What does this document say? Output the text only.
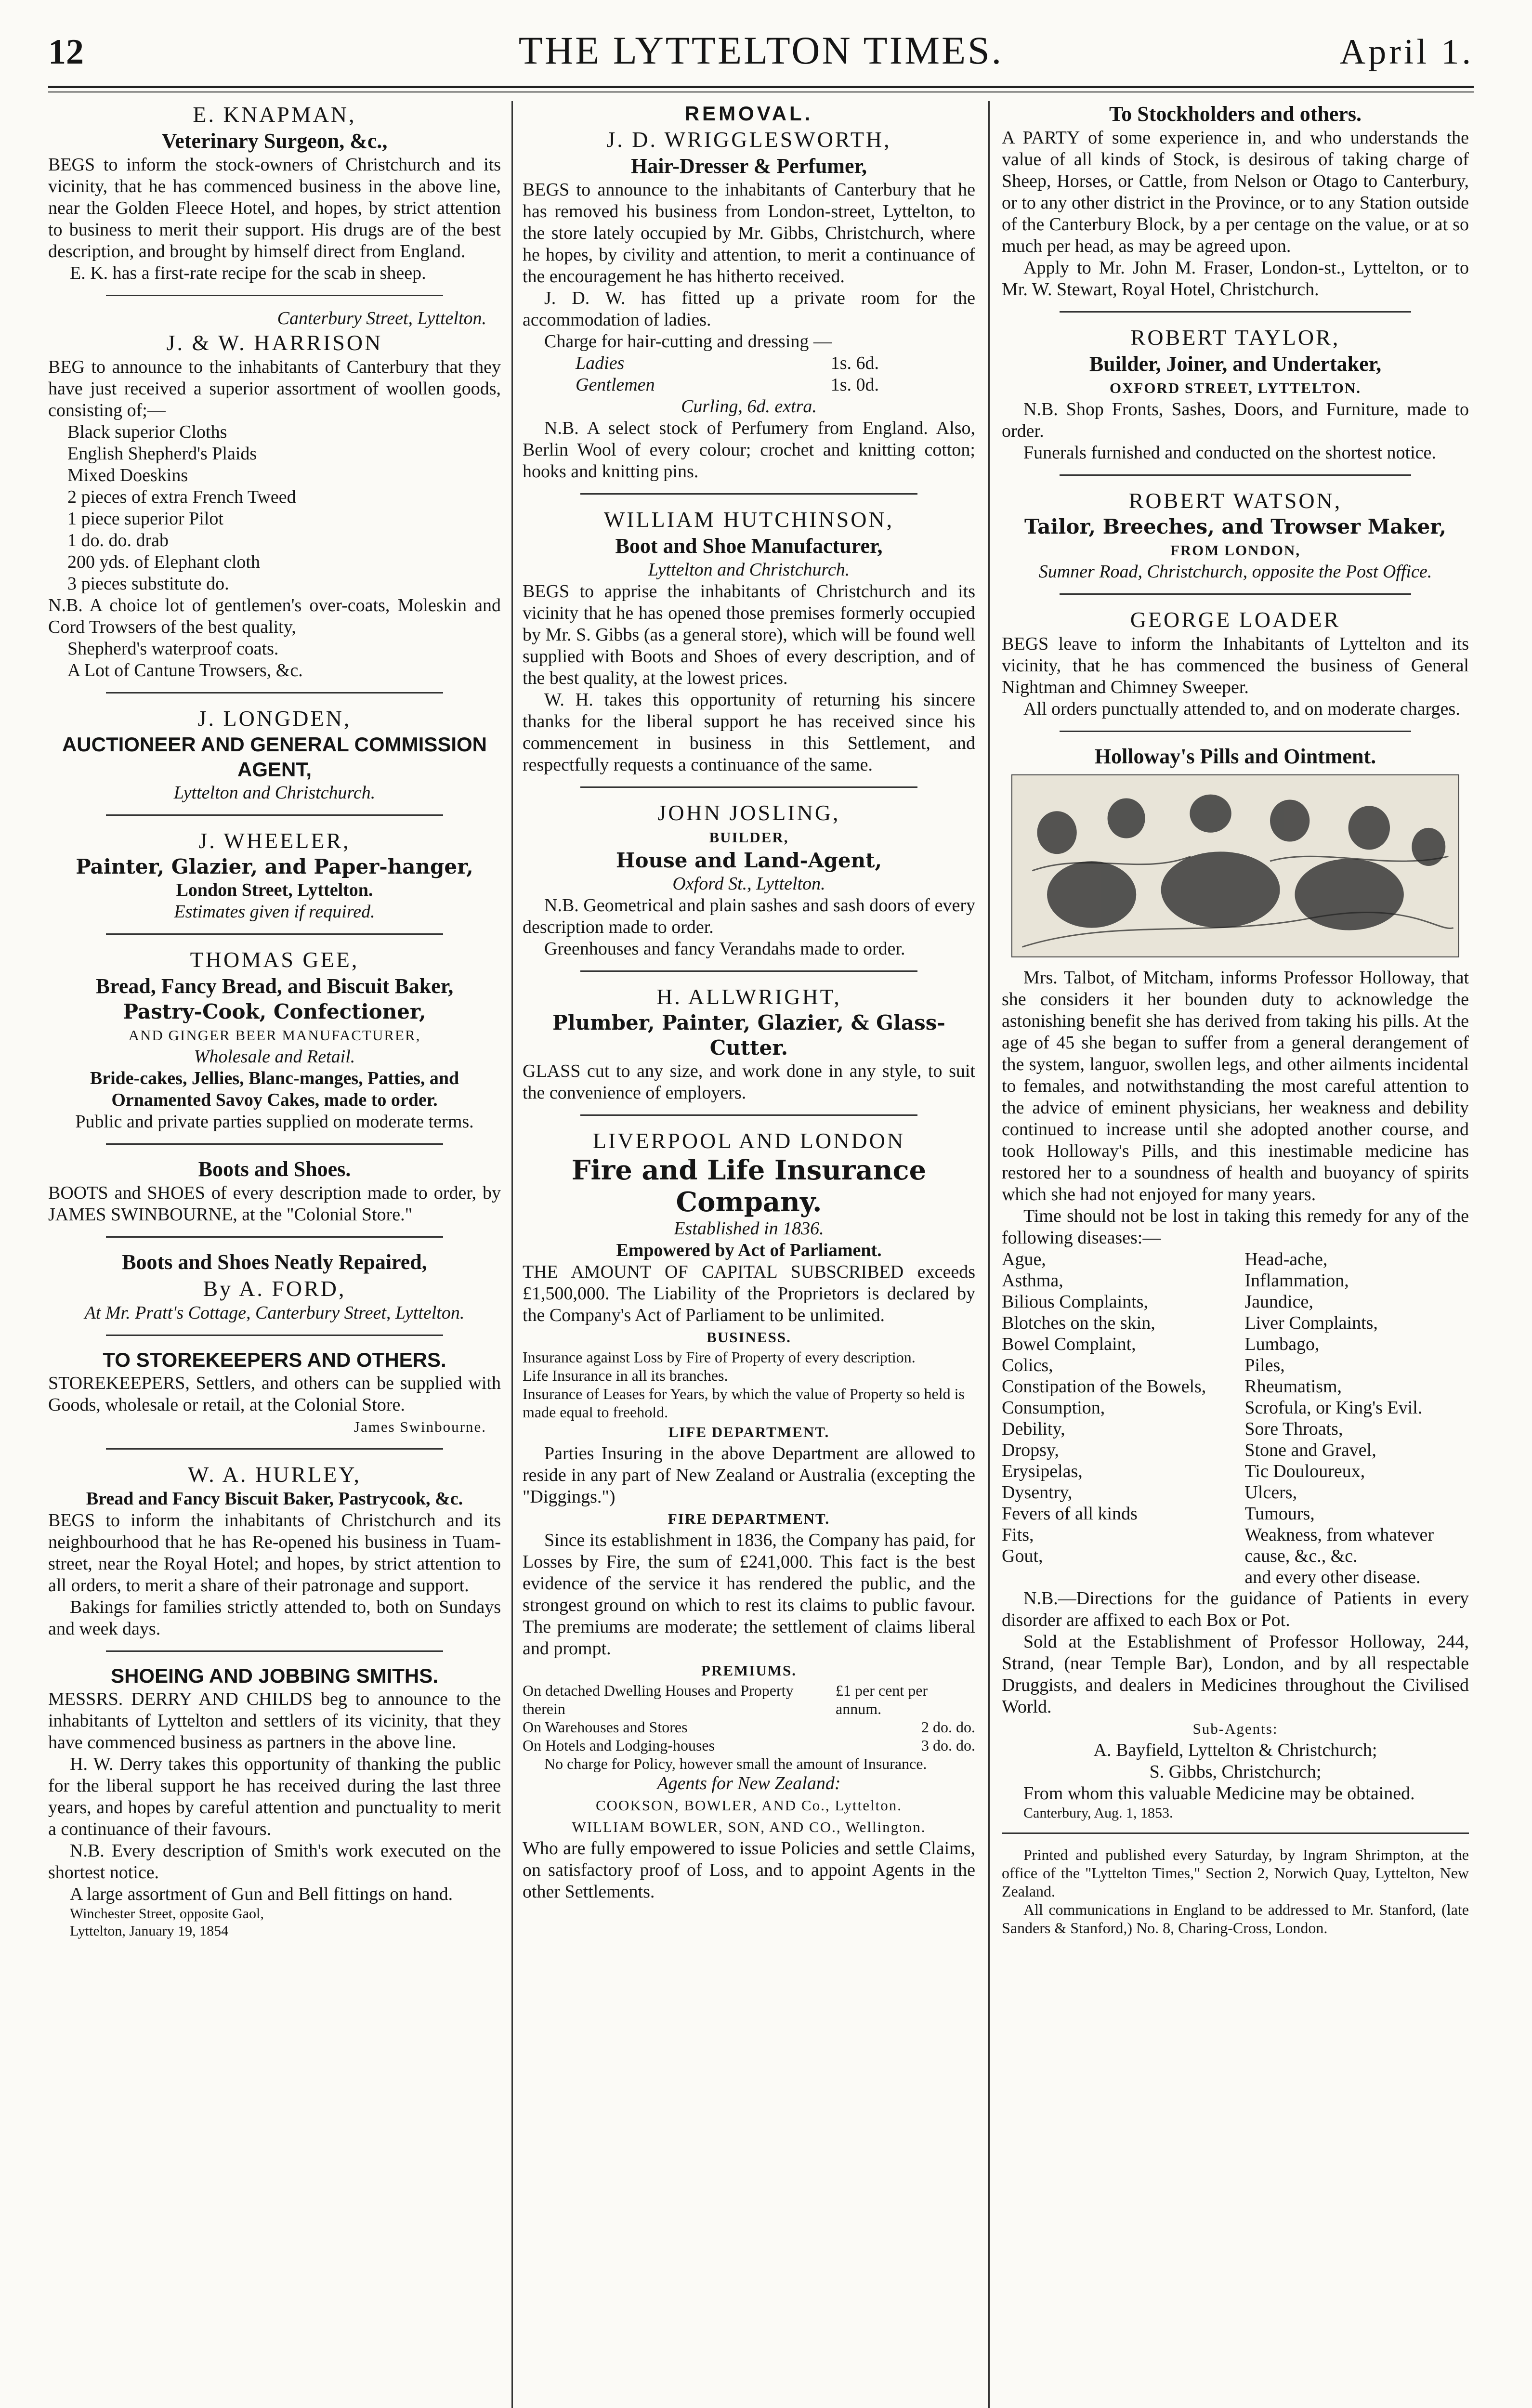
12	THE LYTTELTON TIMES.	April 1.
E. KNAPMAN,
Veterinary Surgeon, &c.,
BEGS to inform the stock-owners of Christchurch and its vicinity, that he has commenced business in the above line, near the Golden Fleece Hotel, and hopes, by strict attention to business to merit their support. His drugs are of the best description, and brought by himself direct from England.
E. K. has a first-rate recipe for the scab in sheep.
Canterbury Street, Lyttelton.
J. & W. HARRISON
BEG to announce to the inhabitants of Canterbury that they have just received a superior assortment of woollen goods, consisting of;—
Black superior Cloths
English Shepherd's Plaids
Mixed Doeskins
2 pieces of extra French Tweed
1 piece superior Pilot
1 do. do. drab
200 yds. of Elephant cloth
3 pieces substitute do.
N.B. A choice lot of gentlemen's over-coats, Moleskin and Cord Trowsers of the best quality,
Shepherd's waterproof coats.
A Lot of Cantune Trowsers, &c.
J. LONGDEN,
AUCTIONEER AND GENERAL COMMISSION AGENT,
Lyttelton and Christchurch.
J. WHEELER,
Painter, Glazier, and Paper-hanger,
London Street, Lyttelton.
Estimates given if required.
THOMAS GEE,
Bread, Fancy Bread, and Biscuit Baker,
Pastry-Cook, Confectioner,
AND GINGER BEER MANUFACTURER,
Wholesale and Retail.
Bride-cakes, Jellies, Blanc-manges, Patties, and Ornamented Savoy Cakes, made to order.
Public and private parties supplied on moderate terms.
Boots and Shoes.
BOOTS and SHOES of every description made to order, by JAMES SWINBOURNE, at the "Colonial Store."
Boots and Shoes Neatly Repaired,
By A. FORD,
At Mr. Pratt's Cottage, Canterbury Street, Lyttelton.
TO STOREKEEPERS AND OTHERS.
STOREKEEPERS, Settlers, and others can be supplied with Goods, wholesale or retail, at the Colonial Store.
James Swinbourne.
W. A. HURLEY,
Bread and Fancy Biscuit Baker, Pastrycook, &c.
BEGS to inform the inhabitants of Christchurch and its neighbourhood that he has Re-opened his business in Tuam-street, near the Royal Hotel; and hopes, by strict attention to all orders, to merit a share of their patronage and support.
Bakings for families strictly attended to, both on Sundays and week days.
SHOEING AND JOBBING SMITHS.
MESSRS. DERRY AND CHILDS beg to announce to the inhabitants of Lyttelton and settlers of its vicinity, that they have commenced business as partners in the above line.
H. W. Derry takes this opportunity of thanking the public for the liberal support he has received during the last three years, and hopes by careful attention and punctuality to merit a continuance of their favours.
N.B. Every description of Smith's work executed on the shortest notice.
A large assortment of Gun and Bell fittings on hand.
Winchester Street, opposite Gaol,
Lyttelton, January 19, 1854
REMOVAL.
J. D. WRIGGLESWORTH,
Hair-Dresser & Perfumer,
BEGS to announce to the inhabitants of Canterbury that he has removed his business from London-street, Lyttelton, to the store lately occupied by Mr. Gibbs, Christchurch, where he hopes, by civility and attention, to merit a continuance of the encouragement he has hitherto received.
J. D. W. has fitted up a private room for the accommodation of ladies.
Charge for hair-cutting and dressing —
Ladies	1s. 6d.
Gentlemen	1s. 0d.
Curling, 6d. extra.
N.B. A select stock of Perfumery from England. Also, Berlin Wool of every colour; crochet and knitting cotton; hooks and knitting pins.
WILLIAM HUTCHINSON,
Boot and Shoe Manufacturer,
Lyttelton and Christchurch.
BEGS to apprise the inhabitants of Christchurch and its vicinity that he has opened those premises formerly occupied by Mr. S. Gibbs (as a general store), which will be found well supplied with Boots and Shoes of every description, and of the best quality, at the lowest prices.
W. H. takes this opportunity of returning his sincere thanks for the liberal support he has received since his commencement in business in this Settlement, and respectfully requests a continuance of the same.
JOHN JOSLING,
BUILDER,
House and Land-Agent,
Oxford St., Lyttelton.
N.B. Geometrical and plain sashes and sash doors of every description made to order.
Greenhouses and fancy Verandahs made to order.
H. ALLWRIGHT,
Plumber, Painter, Glazier, & Glass-Cutter.
GLASS cut to any size, and work done in any style, to suit the convenience of employers.
LIVERPOOL AND LONDON
Fire and Life Insurance Company.
Established in 1836.
Empowered by Act of Parliament.
THE AMOUNT OF CAPITAL SUBSCRIBED exceeds £1,500,000. The Liability of the Proprietors is declared by the Company's Act of Parliament to be unlimited.
BUSINESS.
Insurance against Loss by Fire of Property of every description.
Life Insurance in all its branches.
Insurance of Leases for Years, by which the value of Property so held is made equal to freehold.
LIFE DEPARTMENT.
Parties Insuring in the above Department are allowed to reside in any part of New Zealand or Australia (excepting the "Diggings.")
FIRE DEPARTMENT.
Since its establishment in 1836, the Company has paid, for Losses by Fire, the sum of £241,000. This fact is the best evidence of the service it has rendered the public, and the strongest ground on which to rest its claims to public favour. The premiums are moderate; the settlement of claims liberal and prompt.
PREMIUMS.
On detached Dwelling Houses and Property therein
£1 per cent per annum.
On Warehouses and Stores	2 do. do.
On Hotels and Lodging-houses	3 do. do.
No charge for Policy, however small the amount of Insurance.
Agents for New Zealand:
COOKSON, BOWLER, AND Co., Lyttelton.
WILLIAM BOWLER, SON, AND CO., Wellington.
Who are fully empowered to issue Policies and settle Claims, on satisfactory proof of Loss, and to appoint Agents in the other Settlements.
To Stockholders and others.
A PARTY of some experience in, and who understands the value of all kinds of Stock, is desirous of taking charge of Sheep, Horses, or Cattle, from Nelson or Otago to Canterbury, or to any other district in the Province, or to any Station outside of the Canterbury Block, by a per centage on the value, or at so much per head, as may be agreed upon.
Apply to Mr. John M. Fraser, London-st., Lyttelton, or to Mr. W. Stewart, Royal Hotel, Christchurch.
ROBERT TAYLOR,
Builder, Joiner, and Undertaker,
OXFORD STREET, LYTTELTON.
N.B. Shop Fronts, Sashes, Doors, and Furniture, made to order.
Funerals furnished and conducted on the shortest notice.
ROBERT WATSON,
Tailor, Breeches, and Trowser Maker,
FROM LONDON,
Sumner Road, Christchurch, opposite the Post Office.
GEORGE LOADER
BEGS leave to inform the Inhabitants of Lyttelton and its vicinity, that he has commenced the business of General Nightman and Chimney Sweeper.
All orders punctually attended to, and on moderate charges.
Holloway's Pills and Ointment.
Mrs. Talbot, of Mitcham, informs Professor Holloway, that she considers it her bounden duty to acknowledge the astonishing benefit she has derived from taking his pills. At the age of 45 she began to suffer from a general derangement of the system, languor, swollen legs, and other ailments incidental to females, and notwithstanding the most careful attention to the advice of eminent physicians, her weakness and debility continued to increase until she adopted another course, and took Holloway's Pills, and this inestimable medicine has restored her to a soundness of health and buoyancy of spirits which she had not enjoyed for many years.
Time should not be lost in taking this remedy for any of the following diseases:—
Ague,
Asthma,
Bilious Complaints,
Blotches on the skin,
Bowel Complaint,
Colics,
Constipation of the Bowels,
Consumption,
Debility,
Dropsy,
Erysipelas,
Dysentry,
Fevers of all kinds
Fits,
Gout,
Head-ache,
Inflammation,
Jaundice,
Liver Complaints,
Lumbago,
Piles,
Rheumatism,
Scrofula, or King's Evil.
Sore Throats,
Stone and Gravel,
Tic Douloureux,
Ulcers,
Tumours,
Weakness, from whatever cause, &c., &c.
and every other disease.
N.B.—Directions for the guidance of Patients in every disorder are affixed to each Box or Pot.
Sold at the Establishment of Professor Holloway, 244, Strand, (near Temple Bar), London, and by all respectable Druggists, and dealers in Medicines throughout the Civilised World.
Sub-Agents:
A. Bayfield, Lyttelton & Christchurch;
S. Gibbs, Christchurch;
From whom this valuable Medicine may be obtained.
Canterbury, Aug. 1, 1853.
Printed and published every Saturday, by Ingram Shrimpton, at the office of the "Lyttelton Times," Section 2, Norwich Quay, Lyttelton, New Zealand.
All communications in England to be addressed to Mr. Stanford, (late Sanders & Stanford,) No. 8, Charing-Cross, London.
